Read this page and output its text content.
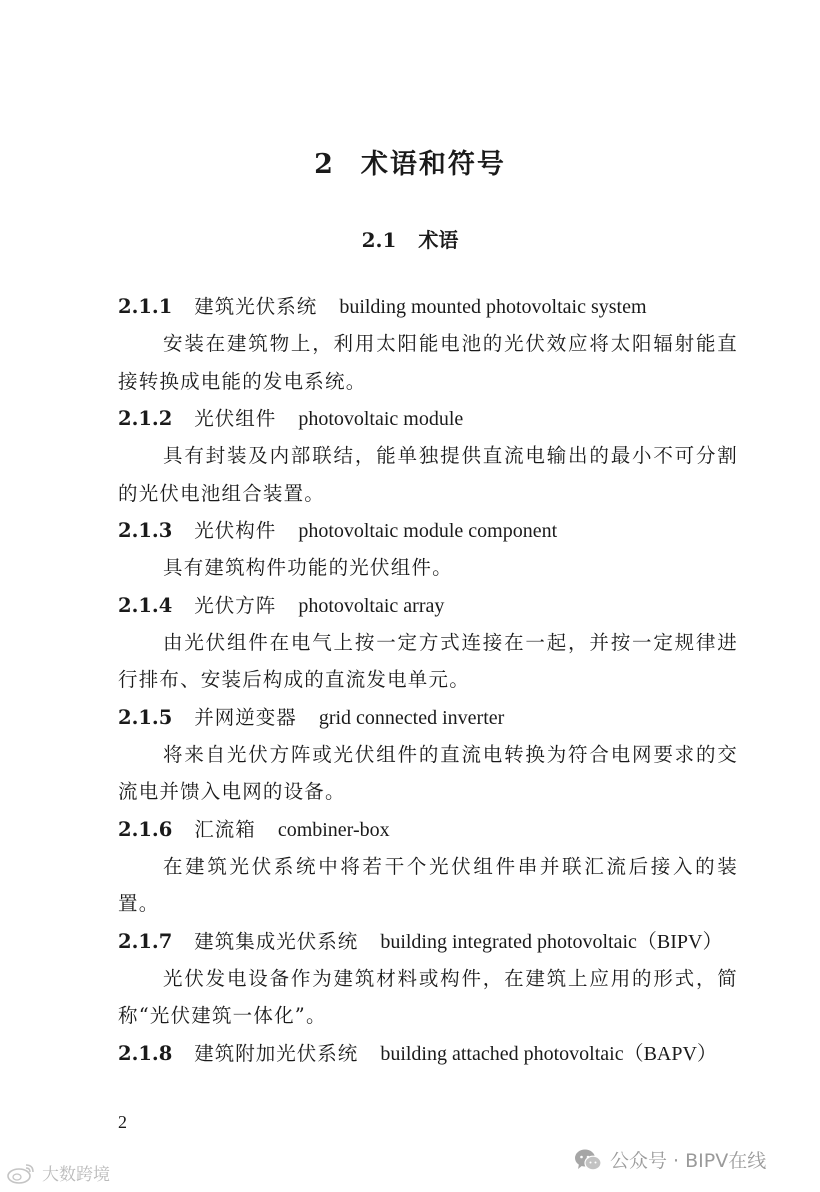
2 术语和符号
2.1 术语
2.1.1 建筑光伏系统 building mounted photovoltaic system
安装在建筑物上，利用太阳能电池的光伏效应将太阳辐射能直接转换成电能的发电系统。
2.1.2 光伏组件 photovoltaic module
具有封装及内部联结，能单独提供直流电输出的最小不可分割的光伏电池组合装置。
2.1.3 光伏构件 photovoltaic module component
具有建筑构件功能的光伏组件。
2.1.4 光伏方阵 photovoltaic array
由光伏组件在电气上按一定方式连接在一起，并按一定规律进行排布、安装后构成的直流发电单元。
2.1.5 并网逆变器 grid connected inverter
将来自光伏方阵或光伏组件的直流电转换为符合电网要求的交流电并馈入电网的设备。
2.1.6 汇流箱 combiner-box
在建筑光伏系统中将若干个光伏组件串并联汇流后接入的装置。
2.1.7 建筑集成光伏系统 building integrated photovoltaic（BIPV）
光伏发电设备作为建筑材料或构件，在建筑上应用的形式，简称“光伏建筑一体化”。
2.1.8 建筑附加光伏系统 building attached photovoltaic（BAPV）
2
公众号 · BIPV在线
大数跨境
